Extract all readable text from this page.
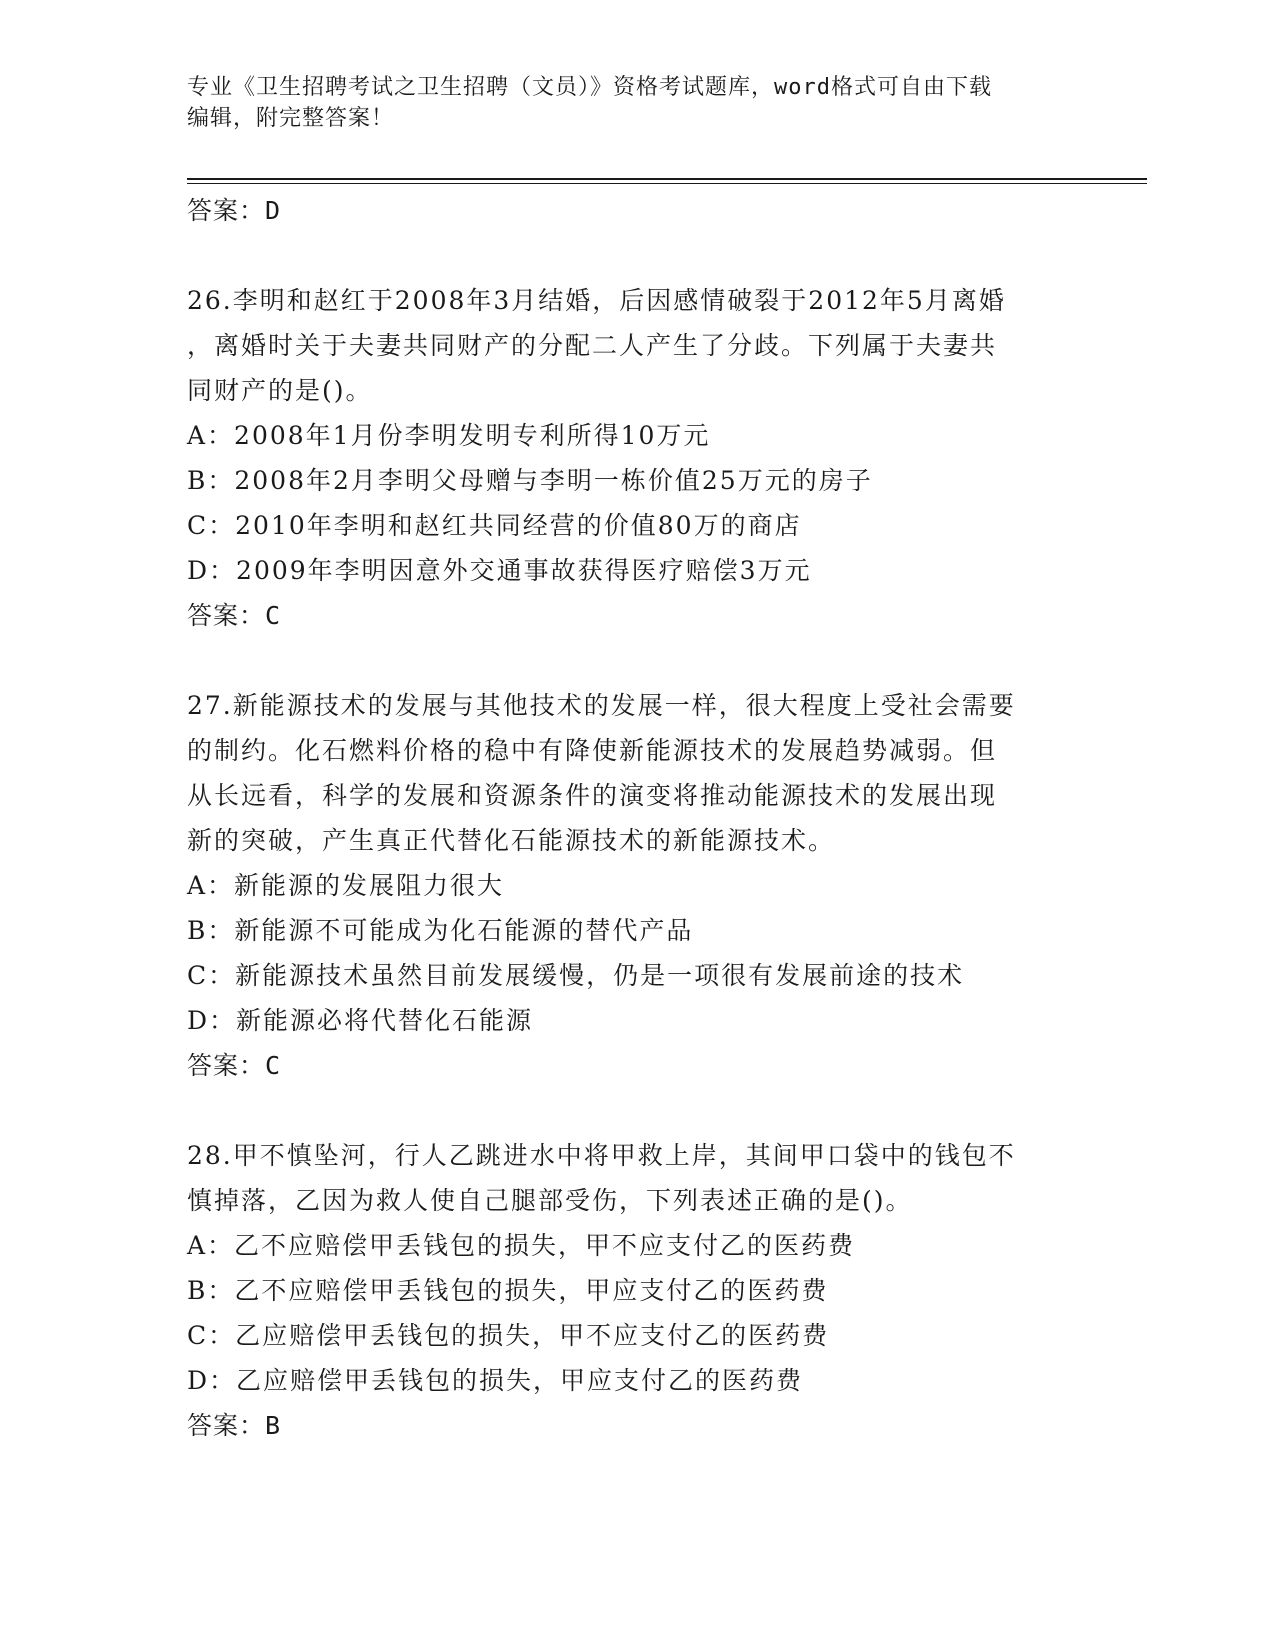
专业《卫生招聘考试之卫生招聘（文员）》资格考试题库，word格式可自由下载
编辑，附完整答案！

答案：D

26.李明和赵红于2008年3月结婚，后因感情破裂于2012年5月离婚

，离婚时关于夫妻共同财产的分配二人产生了分歧。下列属于夫妻共

同财产的是()。

A：2008年1月份李明发明专利所得10万元

B：2008年2月李明父母赠与李明一栋价值25万元的房子

C：2010年李明和赵红共同经营的价值80万的商店

D：2009年李明因意外交通事故获得医疗赔偿3万元

答案：C

27.新能源技术的发展与其他技术的发展一样，很大程度上受社会需要

的制约。化石燃料价格的稳中有降使新能源技术的发展趋势减弱。但

从长远看，科学的发展和资源条件的演变将推动能源技术的发展出现

新的突破，产生真正代替化石能源技术的新能源技术。

A：新能源的发展阻力很大

B：新能源不可能成为化石能源的替代产品

C：新能源技术虽然目前发展缓慢，仍是一项很有发展前途的技术

D：新能源必将代替化石能源

答案：C

28.甲不慎坠河，行人乙跳进水中将甲救上岸，其间甲口袋中的钱包不

慎掉落，乙因为救人使自己腿部受伤，下列表述正确的是()。

A：乙不应赔偿甲丢钱包的损失，甲不应支付乙的医药费

B：乙不应赔偿甲丢钱包的损失，甲应支付乙的医药费

C：乙应赔偿甲丢钱包的损失，甲不应支付乙的医药费

D：乙应赔偿甲丢钱包的损失，甲应支付乙的医药费

答案：B
